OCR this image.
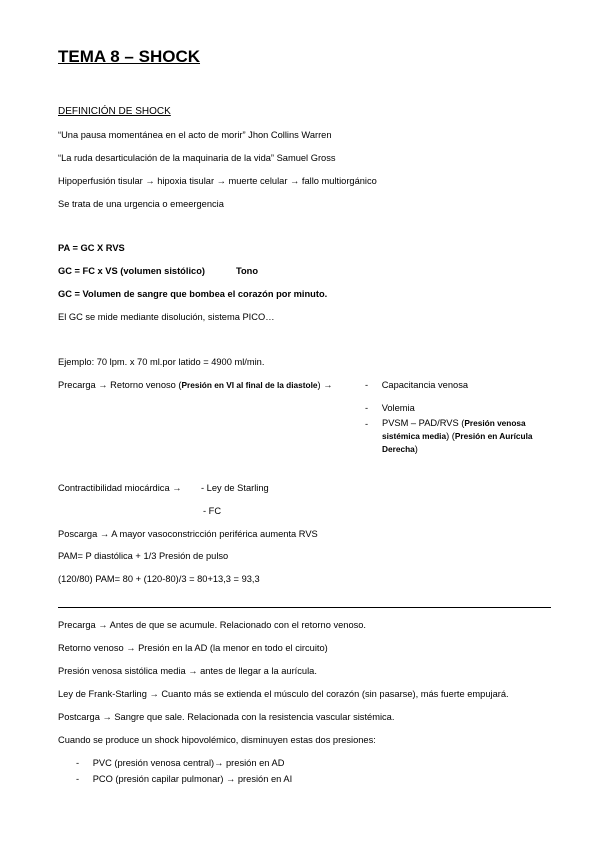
TEMA 8 – SHOCK
DEFINICIÓN DE SHOCK
“Una pausa momentánea en el acto de morir” Jhon Collins Warren
“La ruda desarticulación de la maquinaria de la vida” Samuel Gross
Hipoperfusión tisular → hipoxia tisular → muerte celular → fallo multiorgánico
Se trata de una urgencia o emeergencia
PA = GC X RVS
GC = FC x VS (volumen sistólico)	Tono
GC = Volumen de sangre que bombea el corazón por minuto.
El GC se mide mediante disolución, sistema PICO…
Ejemplo: 70 lpm. x 70 ml.por latido = 4900 ml/min.
Precarga → Retorno venoso (Presión en VI al final de la diastole) →	- Capacitancia venosa
- Volemia
- PVSM – PAD/RVS (Presión venosa
sistémica media) (Presión en Aurícula
Derecha)
Contractibilidad miocárdica → - Ley de Starling
- FC
Poscarga → A mayor vasoconstricción periférica aumenta RVS
PAM= P diastólica + 1/3 Presión de pulso
(120/80) PAM= 80 + (120-80)/3 = 80+13,3 = 93,3
Precarga → Antes de que se acumule. Relacionado con el retorno venoso.
Retorno venoso → Presión en la AD (la menor en todo el circuito)
Presión venosa sistólica media → antes de llegar a la aurícula.
Ley de Frank-Starling → Cuanto más se extienda el músculo del corazón (sin pasarse), más fuerte empujará.
Postcarga → Sangre que sale. Relacionada con la resistencia vascular sistémica.
Cuando se produce un shock hipovolémico, disminuyen estas dos presiones:
- PVC (presión venosa central)→ presión en AD
- PCO (presión capilar pulmonar) → presión en AI
